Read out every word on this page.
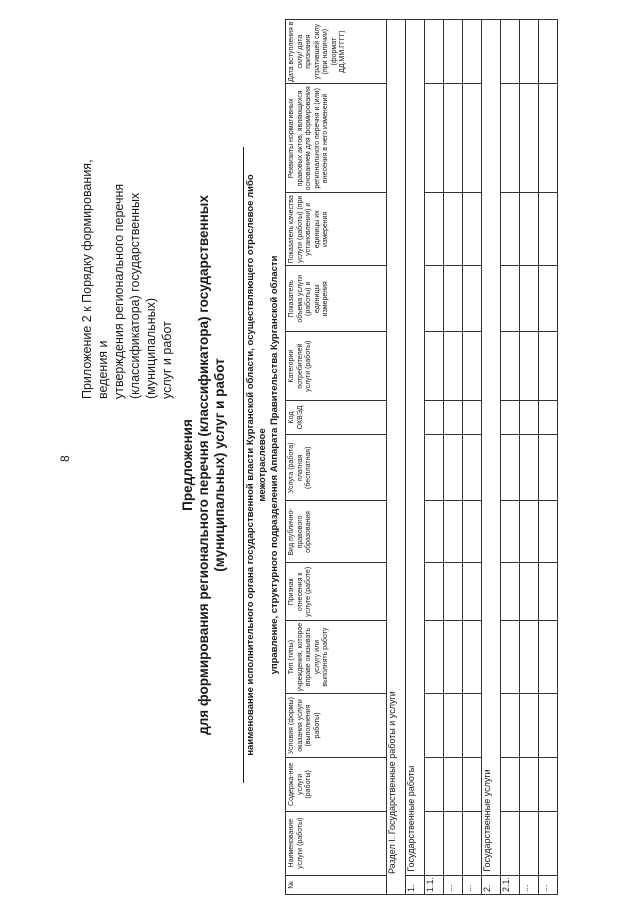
8
Приложение 2 к Порядку формирования, ведения и утверждения регионального перечня (классификатора) государственных (муниципальных) услуг и работ
Предложения для формирования регионального перечня (классификатора) государственных (муниципальных) услуг и работ наименование исполнительного органа государственной власти Курганской области, осуществляющего отраслевое либо межотраслевое управление, структурного подразделения Аппарата Правительства Курганской области
№	Наименование услуги (работы)	Содержа-ние услуги (работы)	Условия (формы) оказания услуги (выполнения работы)	Тип (типы) учреждения, которое вправе оказывать услугу или выполнять работу	Признак отнесения к услуге (работе)	Вид публично-правового образования	Услуга (работа) платная (бесплатная)	Код ОКВЭД	Категории потребителей услуги (работы)	Показатель объема услуги (работы) и единицы измерения	Показатель качества услуги (работы) (при установлении) и единицы их измерения	Реквизиты нормативных правовых актов, являющихся основанием для формирования регионального перечня и (или) внесения в него изменений	Дата вступления в силу/ дата признания утратившей силу (при наличии) (формат ДД.ММ.ГГГГ)
Раздел I. Государственные работы и услуги													
1.	Государственные работы												
1.1.													
...													
...													
2.	Государственные услуги												
2.1.													
...													
...													
